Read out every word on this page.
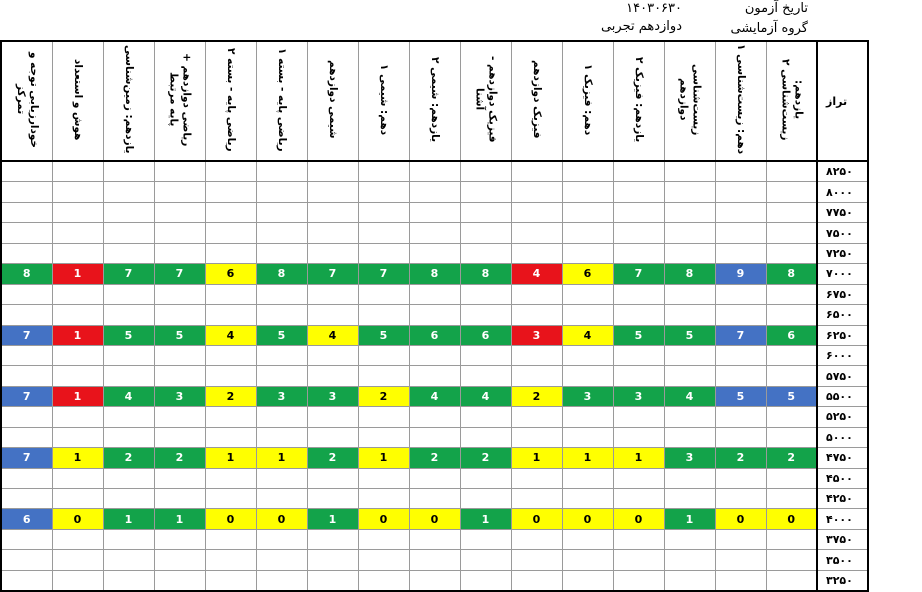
تاریخ آزمون
گروه آزمایشی
۱۴۰۳۰۶۳۰
دوازدهم تجربی
خودارزیابی توجه و تمرکز	هوش و استعداد	یازدهم: زمین‌شناسی	ریاضی دوازدهم + پایه مرتبط	ریاضی پایه - بسته ۲	ریاضی پایه - بسته ۱	شیمی دوازدهم	دهم: شیمی ۱	یازدهم: شیمی ۲	فیزیک دوازدهم - آشنا	فیزیک دوازدهم	دهم: فیزیک ۱	یازدهم: فیزیک ۲	زیست‌شناسی دوازدهم	دهم: زیست‌شناسی ۱	یازدهم: زیست‌شناسی ۲	تراز
																۸۲۵۰
																۸۰۰۰
																۷۷۵۰
																۷۵۰۰
																۷۲۵۰
8	1	7	7	6	8	7	7	8	8	4	6	7	8	9	8	۷۰۰۰
																۶۷۵۰
																۶۵۰۰
7	1	5	5	4	5	4	5	6	6	3	4	5	5	7	6	۶۲۵۰
																۶۰۰۰
																۵۷۵۰
7	1	4	3	2	3	3	2	4	4	2	3	3	4	5	5	۵۵۰۰
																۵۲۵۰
																۵۰۰۰
7	1	2	2	1	1	2	1	2	2	1	1	1	3	2	2	۴۷۵۰
																۴۵۰۰
																۴۲۵۰
6	0	1	1	0	0	1	0	0	1	0	0	0	1	0	0	۴۰۰۰
																۳۷۵۰
																۳۵۰۰
																۳۲۵۰
